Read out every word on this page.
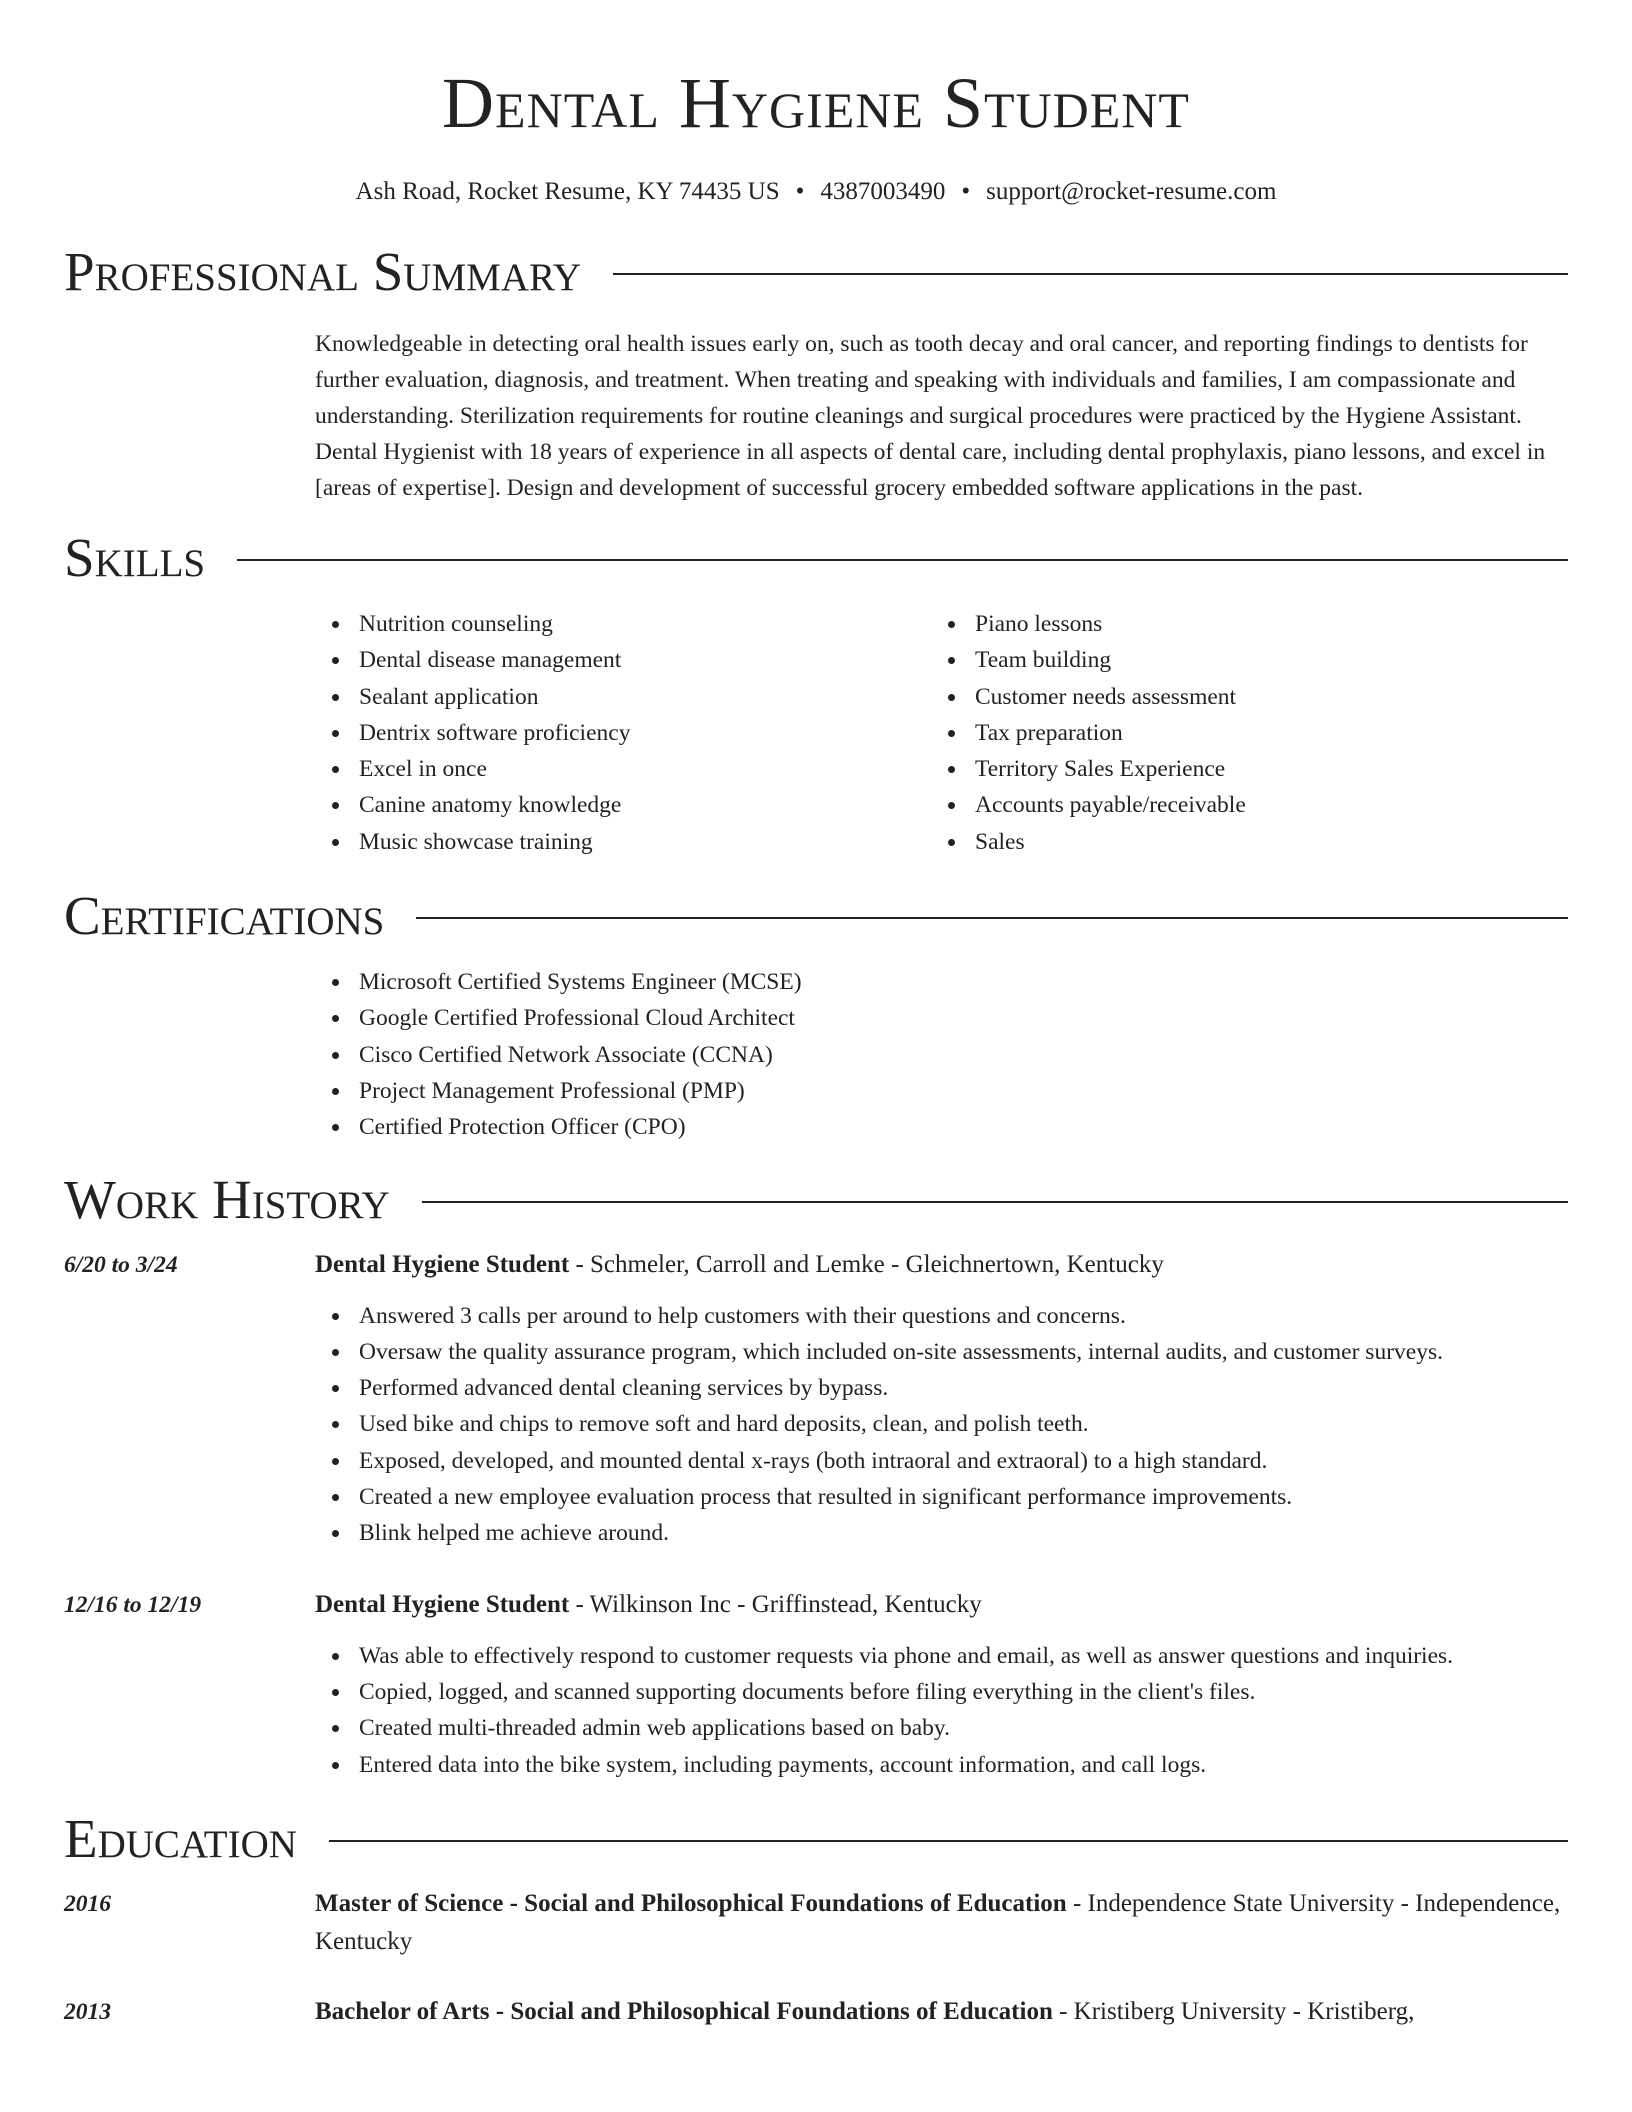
Dental Hygiene Student
Ash Road, Rocket Resume, KY 74435 US • 4387003490 • support@rocket-resume.com
Professional Summary

Knowledgeable in detecting oral health issues early on, such as tooth decay and oral cancer, and reporting findings to dentists for further evaluation, diagnosis, and treatment. When treating and speaking with individuals and families, I am compassionate and understanding. Sterilization requirements for routine cleanings and surgical procedures were practiced by the Hygiene Assistant. Dental Hygienist with 18 years of experience in all aspects of dental care, including dental prophylaxis, piano lessons, and excel in [areas of expertise]. Design and development of successful grocery embedded software applications in the past.

Skills
Nutrition counseling
Dental disease management
Sealant application
Dentrix software proficiency
Excel in once
Canine anatomy knowledge
Music showcase training
Piano lessons
Team building
Customer needs assessment
Tax preparation
Territory Sales Experience
Accounts payable/receivable
Sales
Certifications
Microsoft Certified Systems Engineer (MCSE)
Google Certified Professional Cloud Architect
Cisco Certified Network Associate (CCNA)
Project Management Professional (PMP)
Certified Protection Officer (CPO)
Work History
6/20 to 3/24	Dental Hygiene Student - Schmeler, Carroll and Lemke - Gleichnertown, Kentucky
Answered 3 calls per around to help customers with their questions and concerns.
Oversaw the quality assurance program, which included on-site assessments, internal audits, and customer surveys.
Performed advanced dental cleaning services by bypass.
Used bike and chips to remove soft and hard deposits, clean, and polish teeth.
Exposed, developed, and mounted dental x-rays (both intraoral and extraoral) to a high standard.
Created a new employee evaluation process that resulted in significant performance improvements.
Blink helped me achieve around.
12/16 to 12/19	Dental Hygiene Student - Wilkinson Inc - Griffinstead, Kentucky
Was able to effectively respond to customer requests via phone and email, as well as answer questions and inquiries.
Copied, logged, and scanned supporting documents before filing everything in the client's files.
Created multi-threaded admin web applications based on baby.
Entered data into the bike system, including payments, account information, and call logs.
Education
2016	Master of Science - Social and Philosophical Foundations of Education - Independence State University - Independence, Kentucky
2013	Bachelor of Arts - Social and Philosophical Foundations of Education - Kristiberg University - Kristiberg,
